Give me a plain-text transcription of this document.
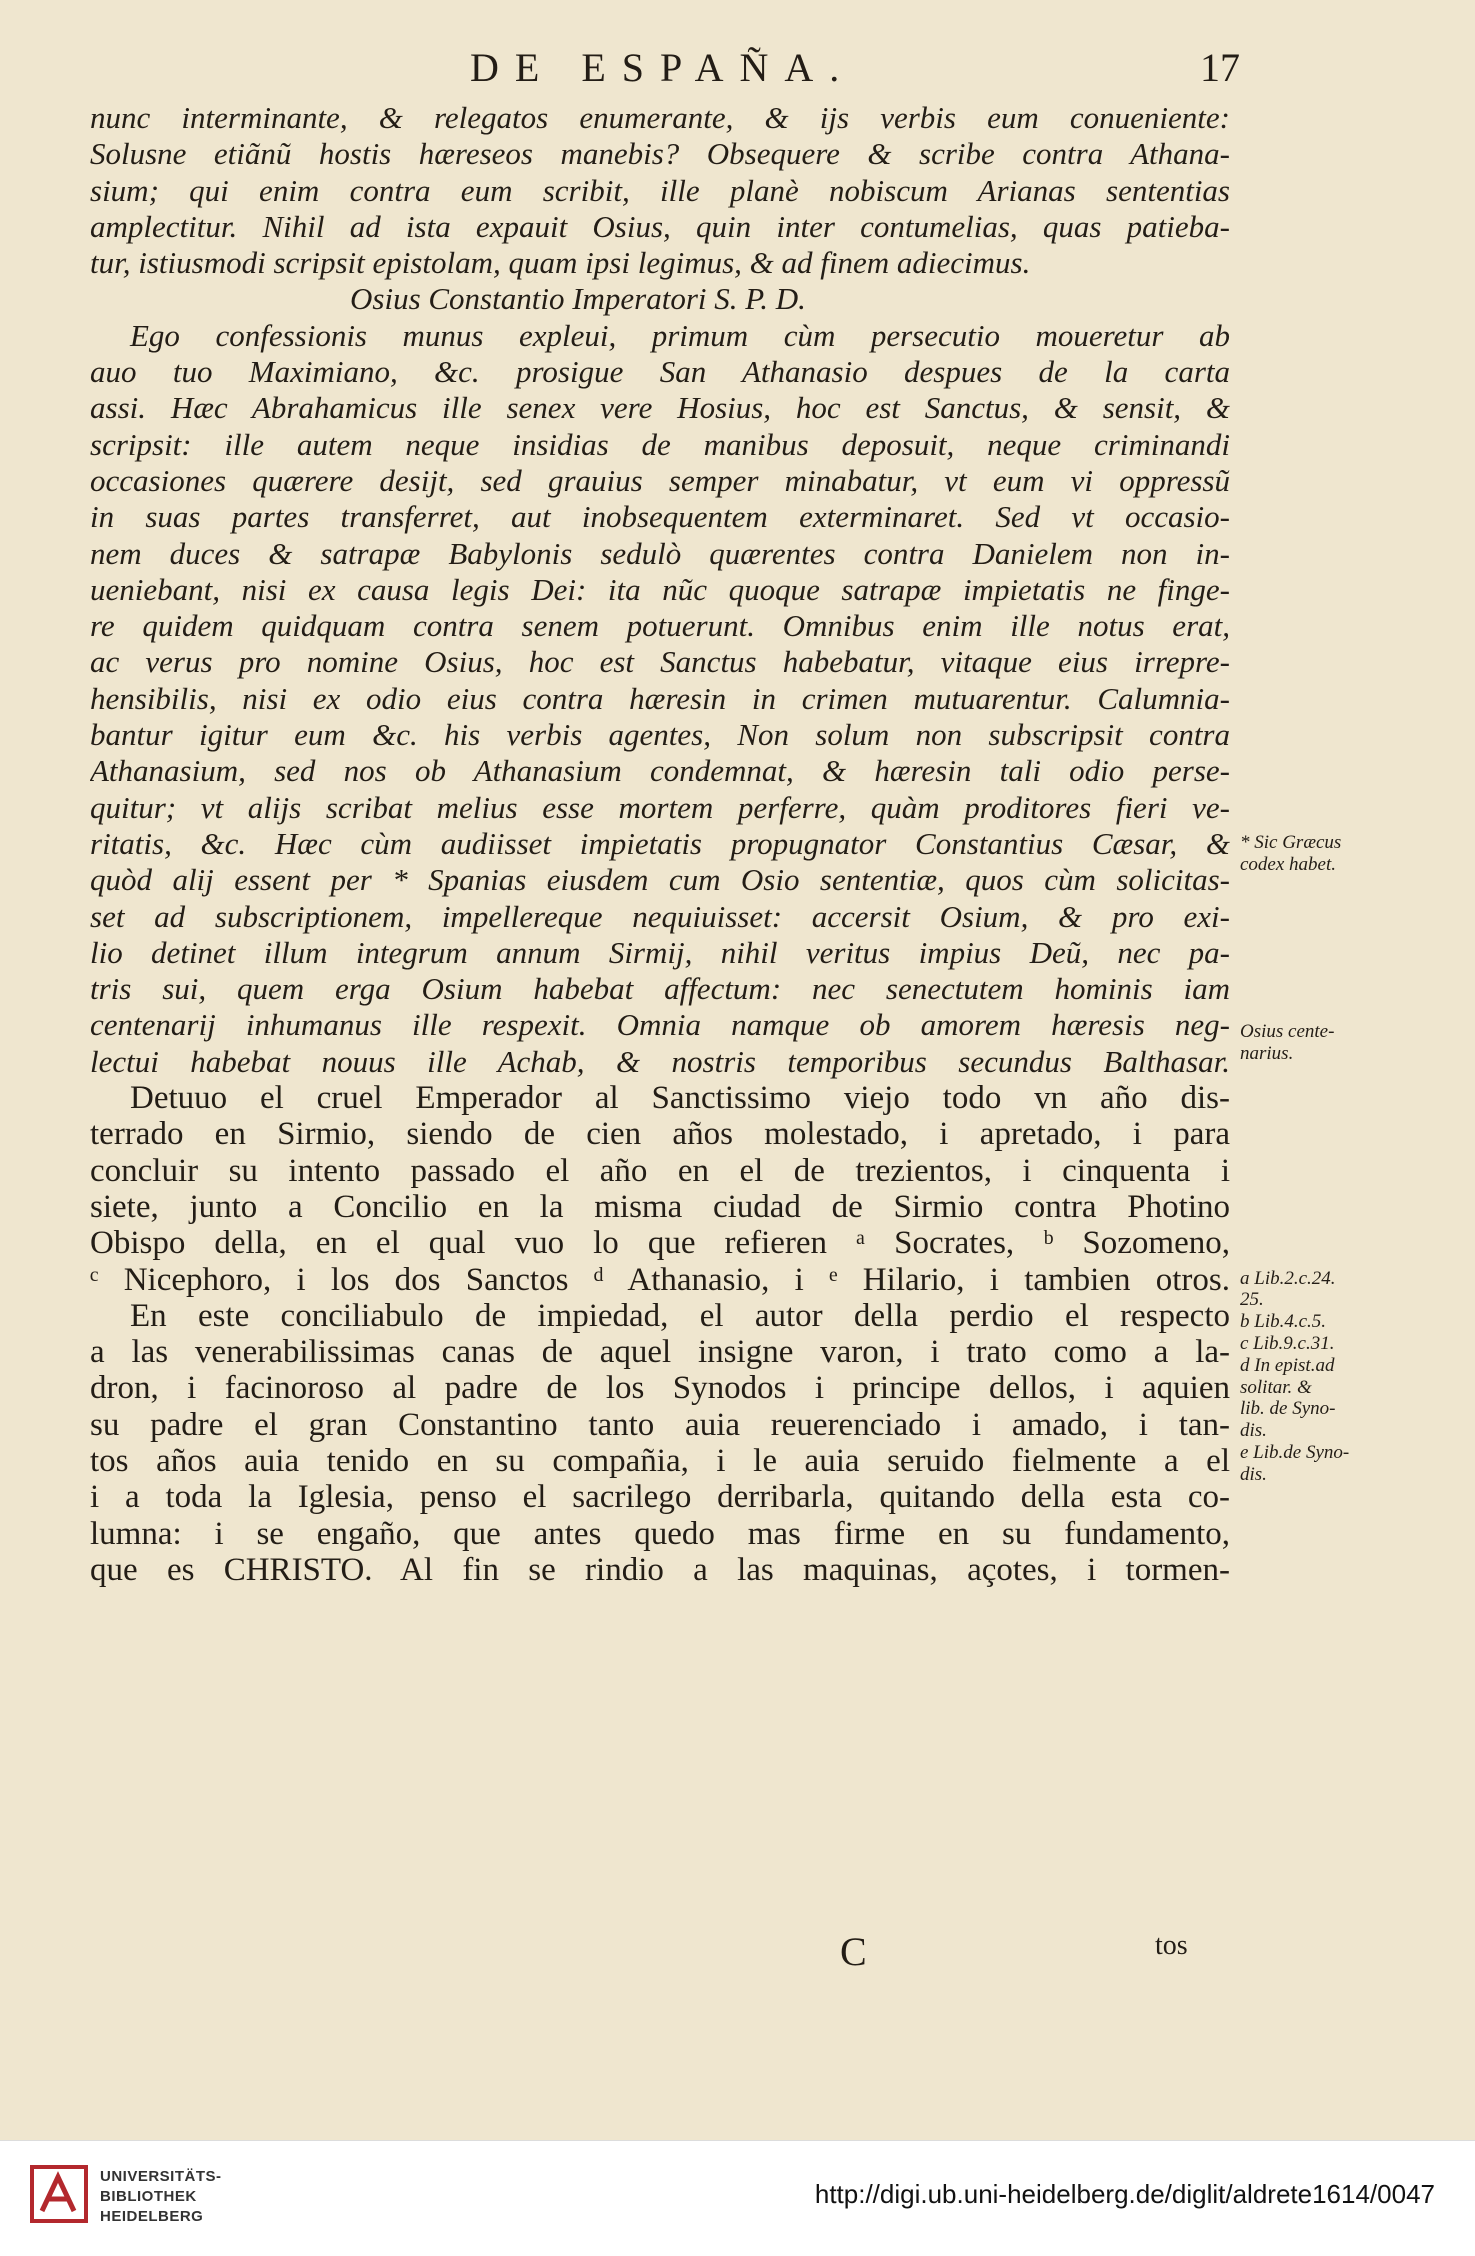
DE ESPAÑA.	17
nunc interminante, & relegatos enumerante, & ijs verbis eum conueniente:
Solusne etiãnũ hostis hæreseos manebis? Obsequere & scribe contra Athana-
sium; qui enim contra eum scribit, ille planè nobiscum Arianas sententias
amplectitur. Nihil ad ista expauit Osius, quin inter contumelias, quas patieba-
tur, istiusmodi scripsit epistolam, quam ipsi legimus, & ad finem adiecimus.
Osius Constantio Imperatori S. P. D.
Ego confessionis munus expleui, primum cùm persecutio moueretur ab
auo tuo Maximiano, &c. prosigue San Athanasio despues de la carta
assi. Hæc Abrahamicus ille senex vere Hosius, hoc est Sanctus, & sensit, &
scripsit: ille autem neque insidias de manibus deposuit, neque criminandi
occasiones quærere desijt, sed grauius semper minabatur, vt eum vi oppressũ
in suas partes transferret, aut inobsequentem exterminaret. Sed vt occasio-
nem duces & satrapæ Babylonis sedulò quærentes contra Danielem non in-
ueniebant, nisi ex causa legis Dei: ita nũc quoque satrapæ impietatis ne finge-
re quidem quidquam contra senem potuerunt. Omnibus enim ille notus erat,
ac verus pro nomine Osius, hoc est Sanctus habebatur, vitaque eius irrepre-
hensibilis, nisi ex odio eius contra hæresin in crimen mutuarentur. Calumnia-
bantur igitur eum &c. his verbis agentes, Non solum non subscripsit contra
Athanasium, sed nos ob Athanasium condemnat, & hæresin tali odio perse-
quitur; vt alijs scribat melius esse mortem perferre, quàm proditores fieri ve-
ritatis, &c. Hæc cùm audiisset impietatis propugnator Constantius Cæsar, &
quòd alij essent per * Spanias eiusdem cum Osio sententiæ, quos cùm solicitas-
set ad subscriptionem, impellereque nequiuisset: accersit Osium, & pro exi-
lio detinet illum integrum annum Sirmij, nihil veritus impius Deũ, nec pa-
tris sui, quem erga Osium habebat affectum: nec senectutem hominis iam
centenarij inhumanus ille respexit. Omnia namque ob amorem hæresis neg-
lectui habebat nouus ille Achab, & nostris temporibus secundus Balthasar.
Detuuo el cruel Emperador al Sanctissimo viejo todo vn año dis-
terrado en Sirmio, siendo de cien años molestado, i apretado, i para
concluir su intento passado el año en el de trezientos, i cinquenta i
siete, junto a Concilio en la misma ciudad de Sirmio contra Photino
Obispo della, en el qual vuo lo que refieren ᵃ Socrates, ᵇ Sozomeno,
ᶜ Nicephoro, i los dos Sanctos ᵈ Athanasio, i ᵉ Hilario, i tambien otros.
En este conciliabulo de impiedad, el autor della perdio el respecto
a las venerabilissimas canas de aquel insigne varon, i trato como a la-
dron, i facinoroso al padre de los Synodos i principe dellos, i aquien
su padre el gran Constantino tanto auia reuerenciado i amado, i tan-
tos años auia tenido en su compañia, i le auia seruido fielmente a el
i a toda la Iglesia, penso el sacrilego derribarla, quitando della esta co-
lumna: i se engaño, que antes quedo mas firme en su fundamento,
que es CHRISTO. Al fin se rindio a las maquinas, açotes, i tormen-
* Sic Græcus
codex habet.
Osius cente-
narius.
a Lib.2.c.24.
25.
b Lib.4.c.5.
c Lib.9.c.31.
d In epist.ad
solitar. &
lib. de Syno-
dis.
e Lib.de Syno-
dis.
C	tos
UNIVERSITÄTS-
BIBLIOTHEK
HEIDELBERG
http://digi.ub.uni-heidelberg.de/diglit/aldrete1614/0047
